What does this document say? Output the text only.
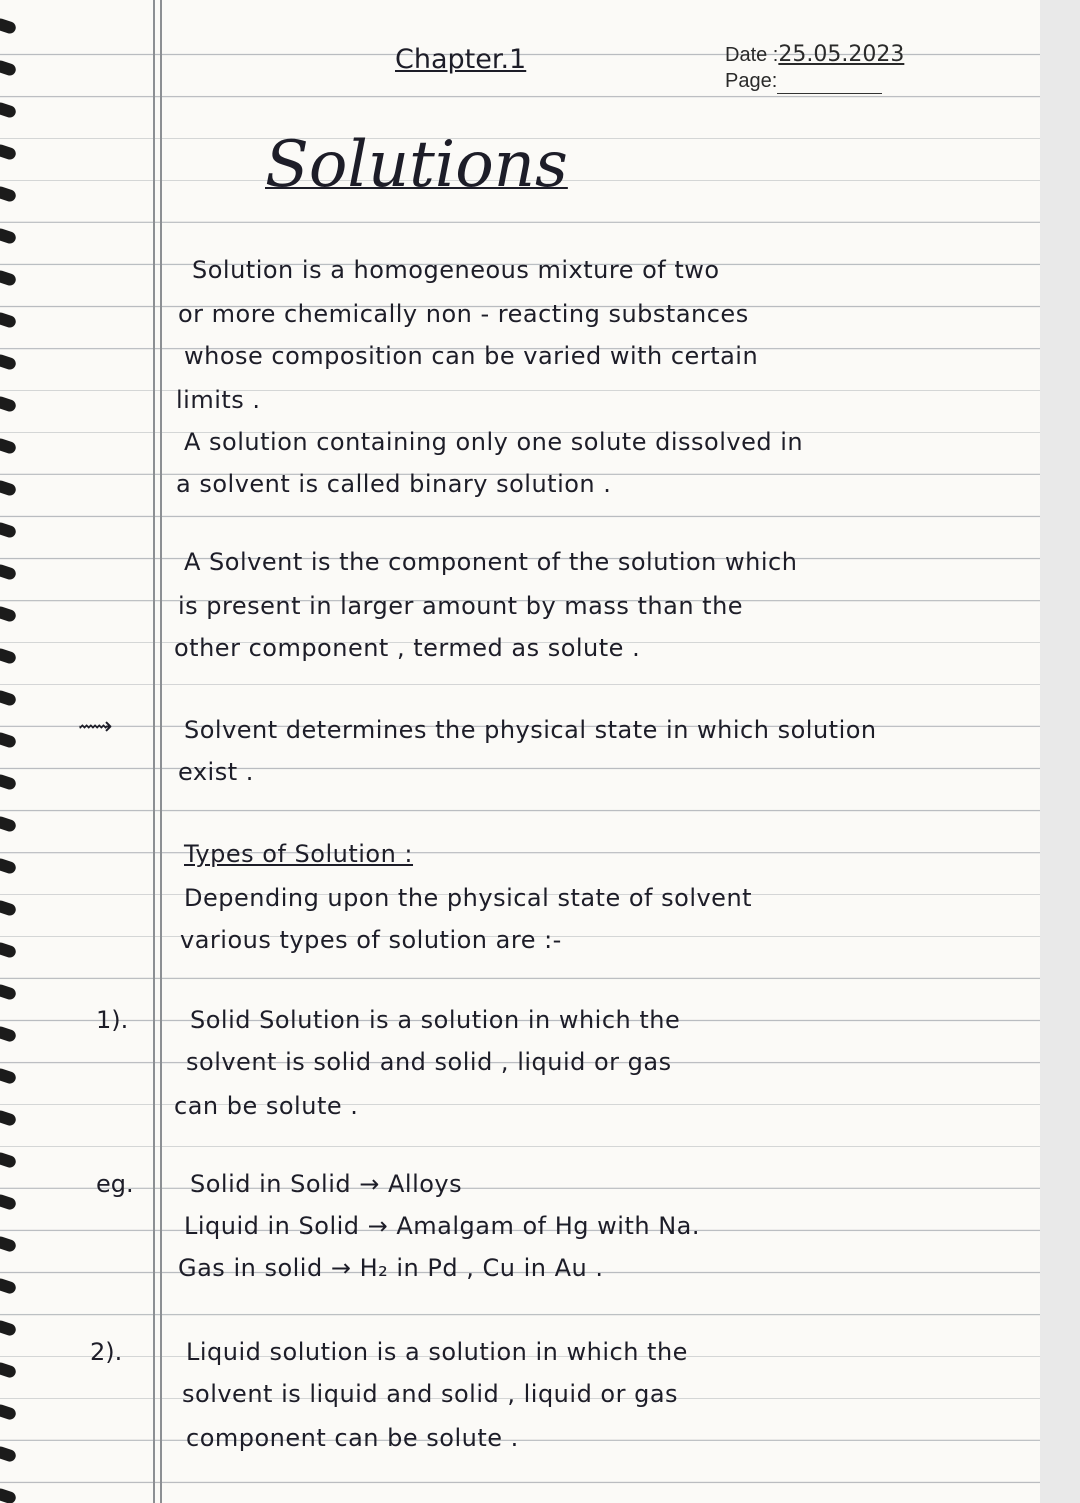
Chapter.1	Date :25.05.2023
Page:
Solutions
Solution is a homogeneous mixture of two
or more chemically non - reacting substances
whose composition can be varied with certain
limits .
A solution containing only one solute dissolved in
a solvent is called binary solution .
A Solvent is the component of the solution which
is present in larger amount by mass than the
other component , termed as solute .
⟿	Solvent determines the physical state in which solution
exist .
Types of Solution :
Depending upon the physical state of solvent
various types of solution are :-
1).	Solid Solution is a solution in which the
solvent is solid and solid , liquid or gas
can be solute .
eg. Solid in Solid → Alloys
Liquid in Solid → Amalgam of Hg with Na.
Gas in solid → H₂ in Pd , Cu in Au .
2).	Liquid solution is a solution in which the
solvent is liquid and solid , liquid or gas
component can be solute .
